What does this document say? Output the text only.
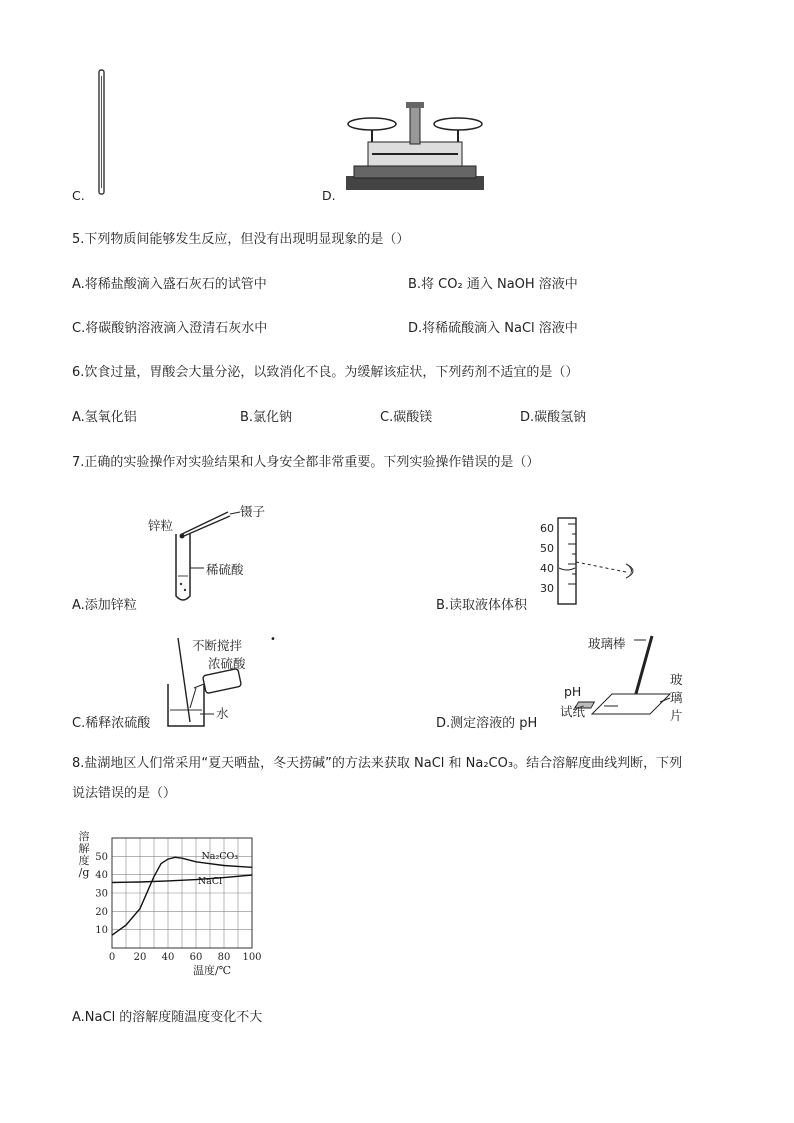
C.	D.
5.下列物质间能够发生反应，但没有出现明显现象的是（）
A.将稀盐酸滴入盛石灰石的试管中	B.将 CO₂ 通入 NaOH 溶液中
C.将碳酸钠溶液滴入澄清石灰水中	D.将稀硫酸滴入 NaCl 溶液中
6.饮食过量，胃酸会大量分泌，以致消化不良。为缓解该症状，下列药剂不适宜的是（）
A.氢氧化铝	B.氯化钠	C.碳酸镁	D.碳酸氢钠
7.正确的实验操作对实验结果和人身安全都非常重要。下列实验操作错误的是（）
锌粒
镊子
稀硫酸
A.添加锌粒
60
50
40
30
B.读取液体体积
不断搅拌
浓硫酸
水
•
C.稀释浓硫酸
玻璃棒
pH
试纸
玻
璃
片
D.测定溶液的 pH
8.盐湖地区人们常采用“夏天晒盐，冬天捞碱”的方法来获取 NaCl 和 Na₂CO₃。结合溶解度曲线判断，下列
说法错误的是（）
0 20 40 60 80 100
10
20
30
40
50
溶
解
度
/g
温度/℃
Na₂CO₃
NaCl
A.NaCl 的溶解度随温度变化不大
